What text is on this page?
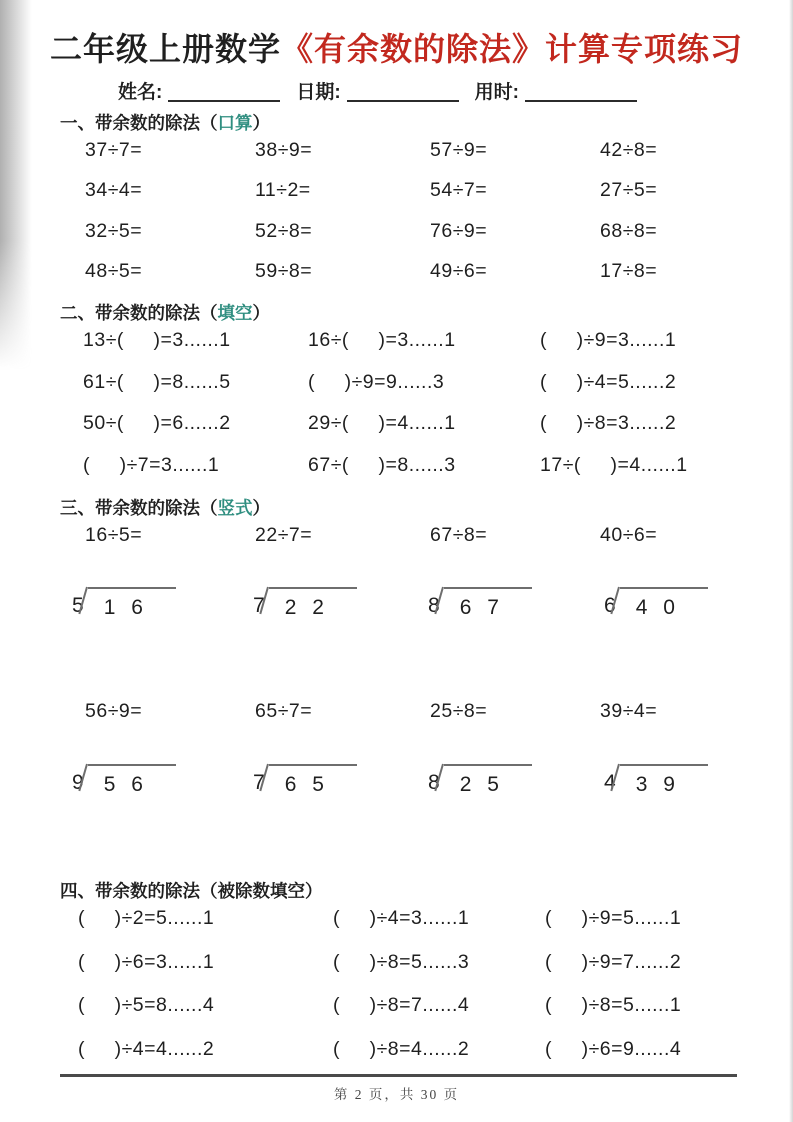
二年级上册数学《有余数的除法》计算专项练习
姓名:	日期:	用时:
一、带余数的除法（口算）
37÷7=	38÷9=	57÷9=	42÷8=
34÷4=	11÷2=	54÷7=	27÷5=
32÷5=	52÷8=	76÷9=	68÷8=
48÷5=	59÷8=	49÷6=	17÷8=
二、带余数的除法（填空）
13÷(     )=3......1	16÷(     )=3......1	(     )÷9=3......1
61÷(     )=8......5	(     )÷9=9......3	(     )÷4=5......2
50÷(     )=6......2	29÷(     )=4......1	(     )÷8=3......2
(     )÷7=3......1	67÷(     )=8......3	17÷(     )=4......1
三、带余数的除法（竖式）
16÷5=	22÷7=	67÷8=	40÷6=
5 1 6	7 2 2	8 6 7	6 4 0
56÷9=	65÷7=	25÷8=	39÷4=
9 5 6	7 6 5	8 2 5	4 3 9
四、带余数的除法（被除数填空）
(     )÷2=5......1	(     )÷4=3......1	(     )÷9=5......1
(     )÷6=3......1	(     )÷8=5......3	(     )÷9=7......2
(     )÷5=8......4	(     )÷8=7......4	(     )÷8=5......1
(     )÷4=4......2	(     )÷8=4......2	(     )÷6=9......4
第 2 页，共 30 页
